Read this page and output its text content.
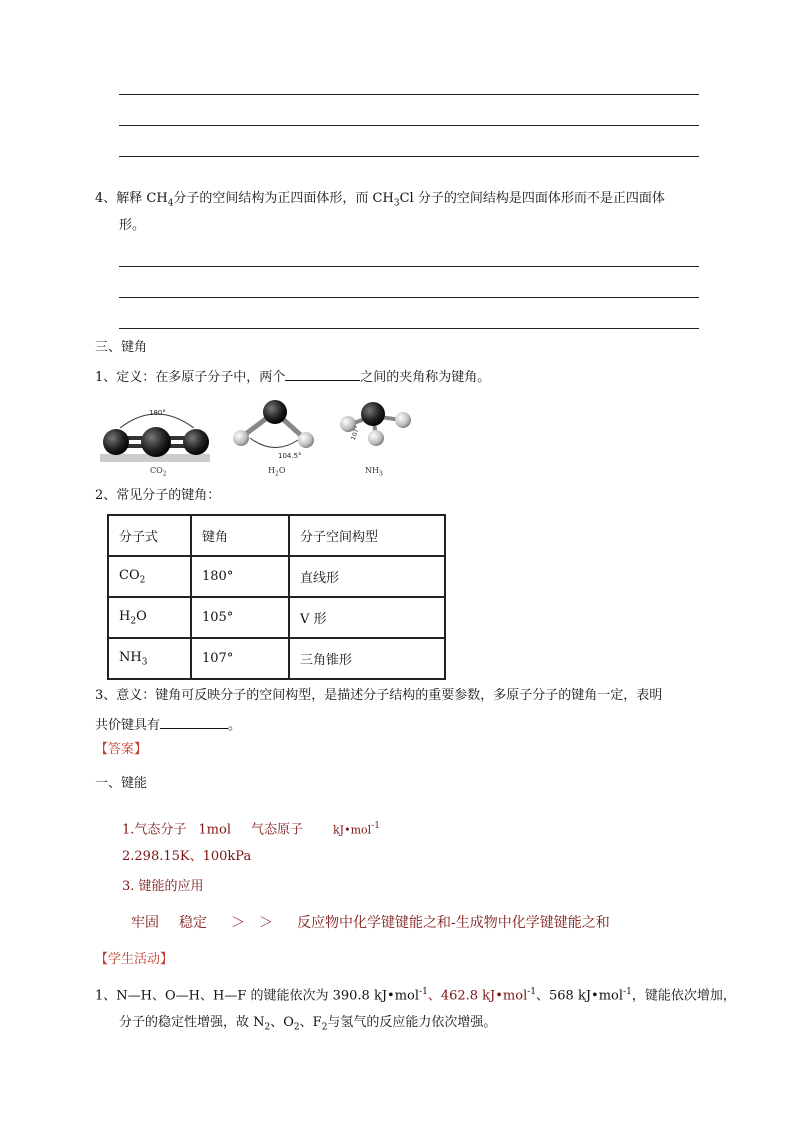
4、解释 $CH_4$分子的空间结构为正四面体形，而 $CH_3Cl$ 分子的空间结构是四面体形而不是正四面体
形。
三、键角
1、定义：在多原子分子中，两个	之间的夹角称为键角。
180°
104.5°
107°
$CO_2$	$H_2O$	$NH_3$
2、常见分子的键角：
分子式	键角	分子空间构型
$CO_2$	180°	直线形
$H_2O$	105°	V 形
$NH_3$	107°	三角锥形
3、意义：键角可反映分子的空间构型，是描述分子结构的重要参数，多原子分子的键角一定，表明
共价键具有	。
【答案】
一、键能
1.气态分子 1mol 气态原子	kJ•mol$^{-1}$
2.298.15K、100kPa
3. 键能的应用
牢固 稳定 ＞ ＞ 反应物中化学键键能之和-生成物中化学键键能之和
【学生活动】
1、N—H、O—H、H—F 的键能依次为 390.8 kJ•mol$^{-1}$、462.8 kJ•mol$^{-1}$、568 kJ•mol$^{-1}$，键能依次增加，
分子的稳定性增强，故 $N_2$、$O_2$、$F_2$与氢气的反应能力依次增强。
